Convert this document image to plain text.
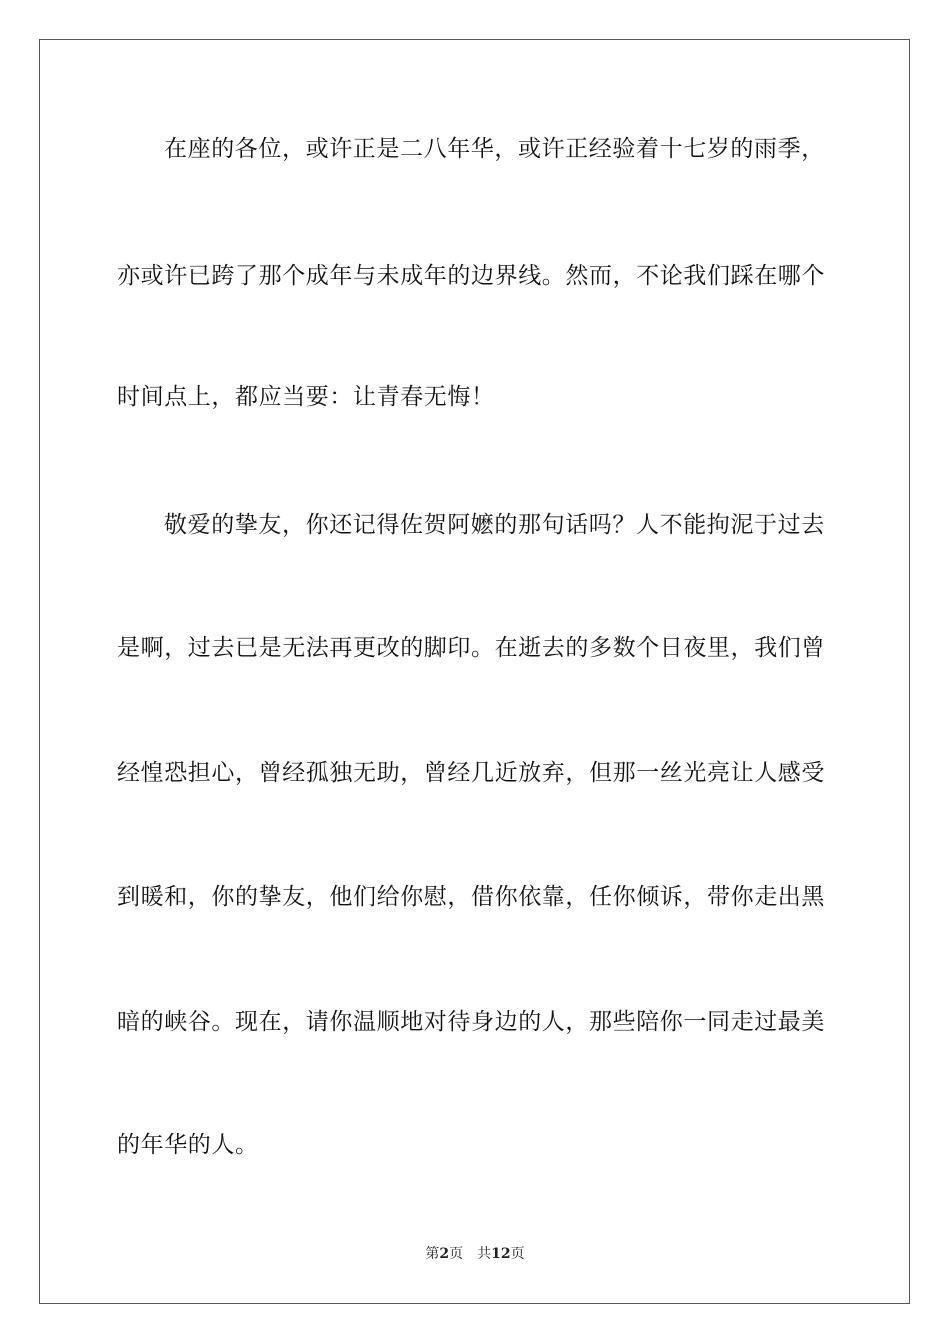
在座的各位，或许正是二八年华，或许正经验着十七岁的雨季，
亦或许已跨了那个成年与未成年的边界线。然而，不论我们踩在哪个
时间点上，都应当要：让青春无悔！
敬爱的挚友，你还记得佐贺阿嬷的那句话吗？人不能拘泥于过去
是啊，过去已是无法再更改的脚印。在逝去的多数个日夜里，我们曾
经惶恐担心，曾经孤独无助，曾经几近放弃，但那一丝光亮让人感受
到暖和，你的挚友，他们给你慰，借你依靠，任你倾诉，带你走出黑
暗的峡谷。现在，请你温顺地对待身边的人，那些陪你一同走过最美
的年华的人。
第2页 共12页
